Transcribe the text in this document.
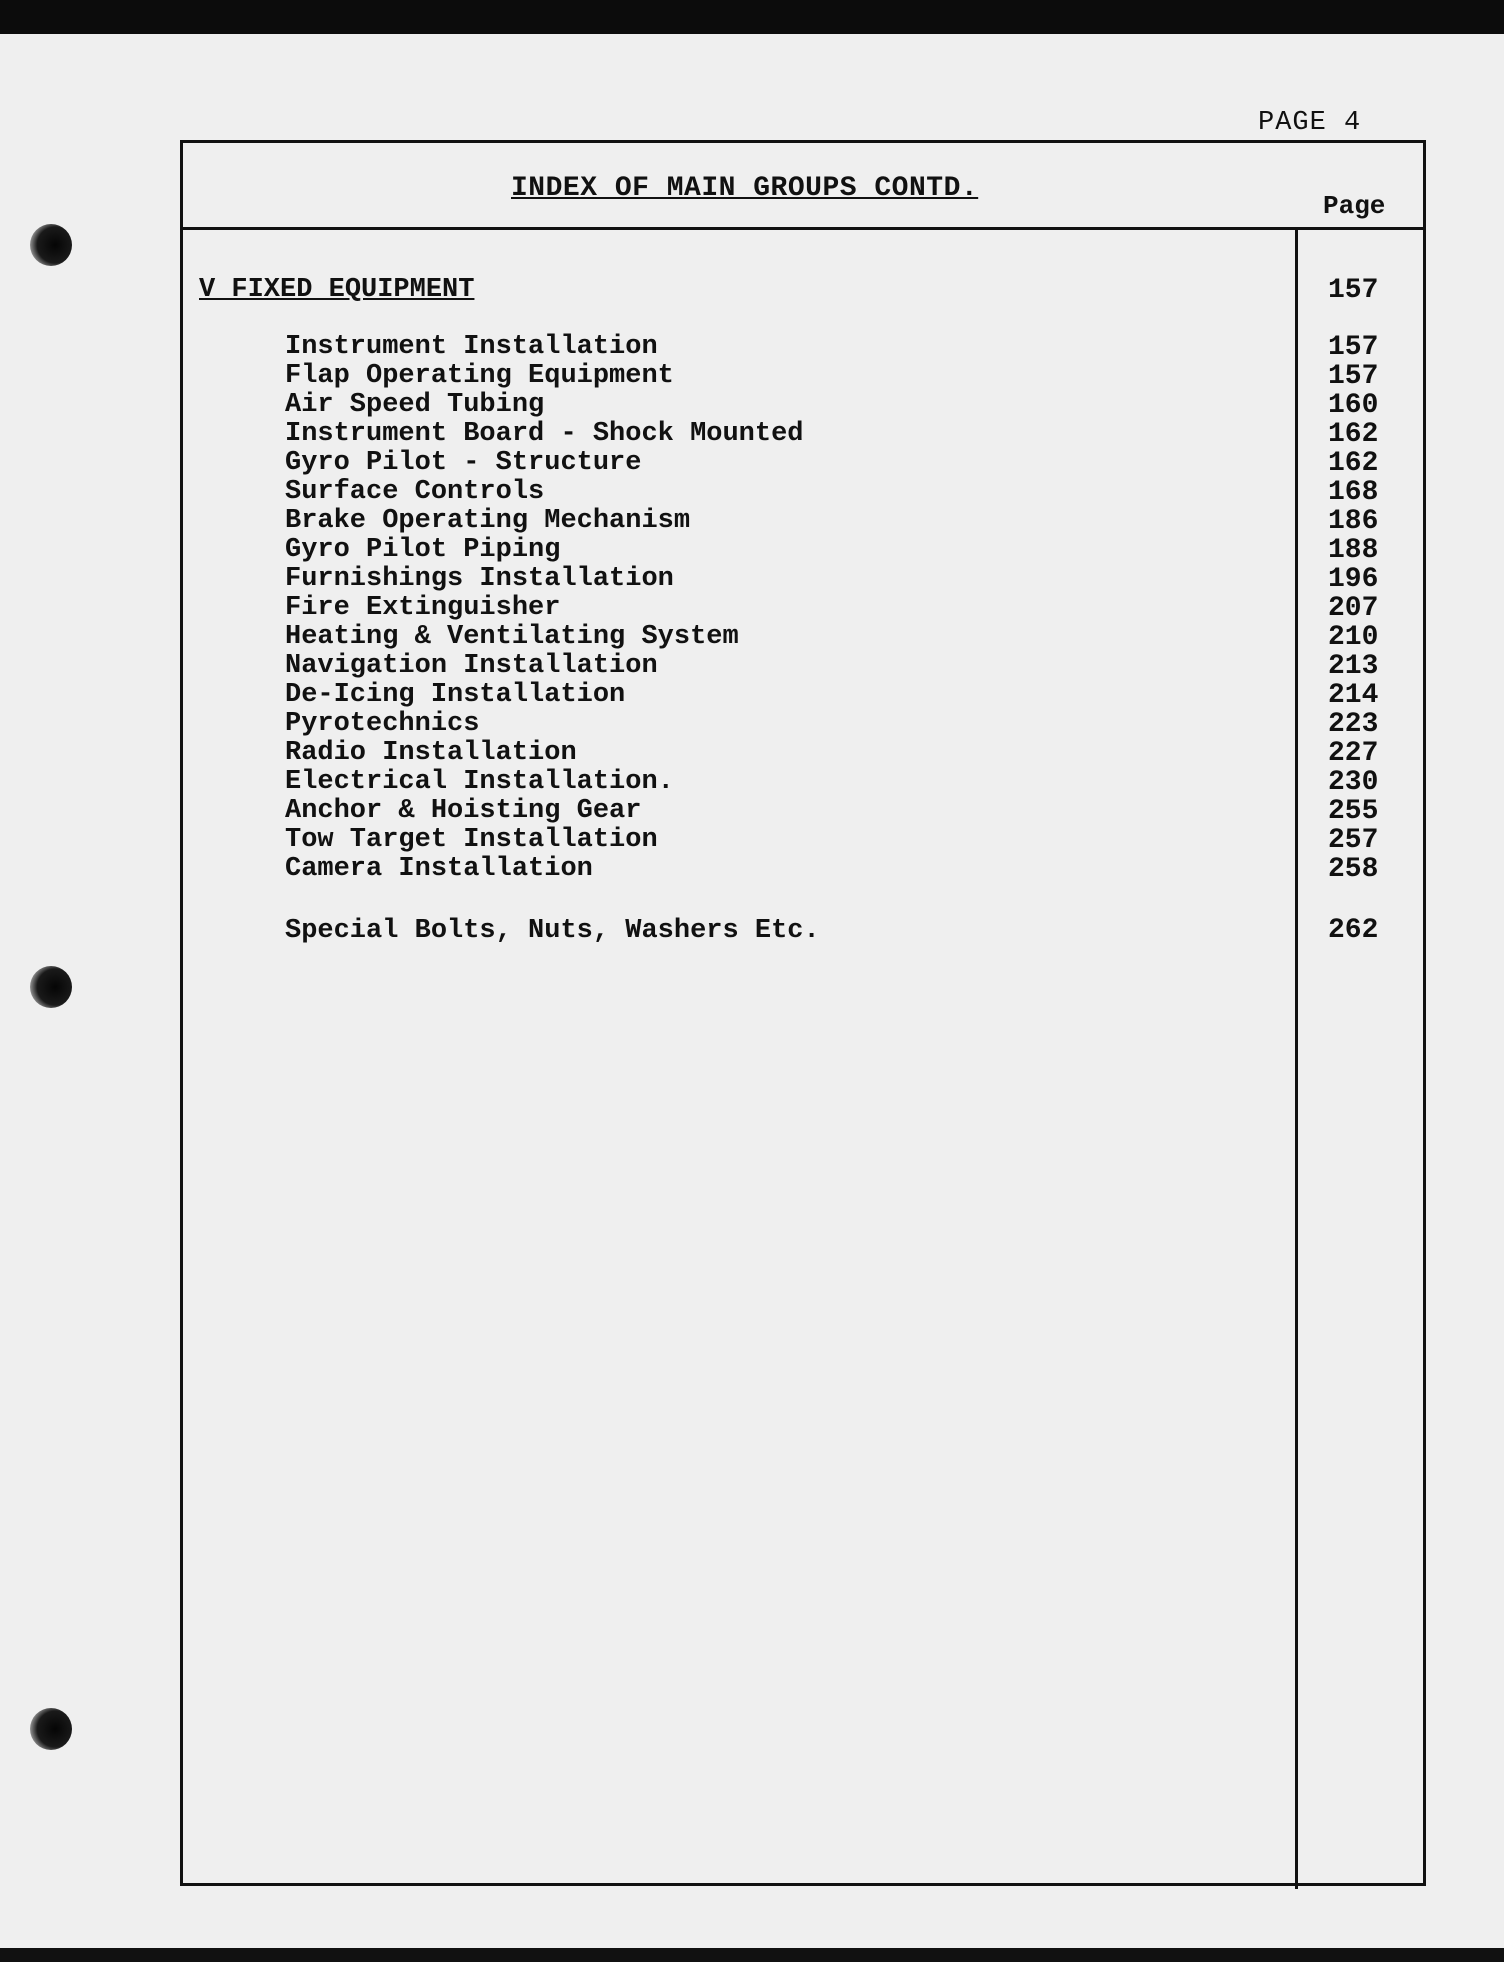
PAGE 4
INDEX OF MAIN GROUPS CONTD.
Page
V FIXED EQUIPMENT	157
Instrument Installation	157
Flap Operating Equipment	157
Air Speed Tubing	160
Instrument Board - Shock Mounted	162
Gyro Pilot - Structure	162
Surface Controls	168
Brake Operating Mechanism	186
Gyro Pilot Piping	188
Furnishings Installation	196
Fire Extinguisher	207
Heating & Ventilating System	210
Navigation Installation	213
De-Icing Installation	214
Pyrotechnics	223
Radio Installation	227
Electrical Installation.	230
Anchor & Hoisting Gear	255
Tow Target Installation	257
Camera Installation	258
Special Bolts, Nuts, Washers Etc.	262
